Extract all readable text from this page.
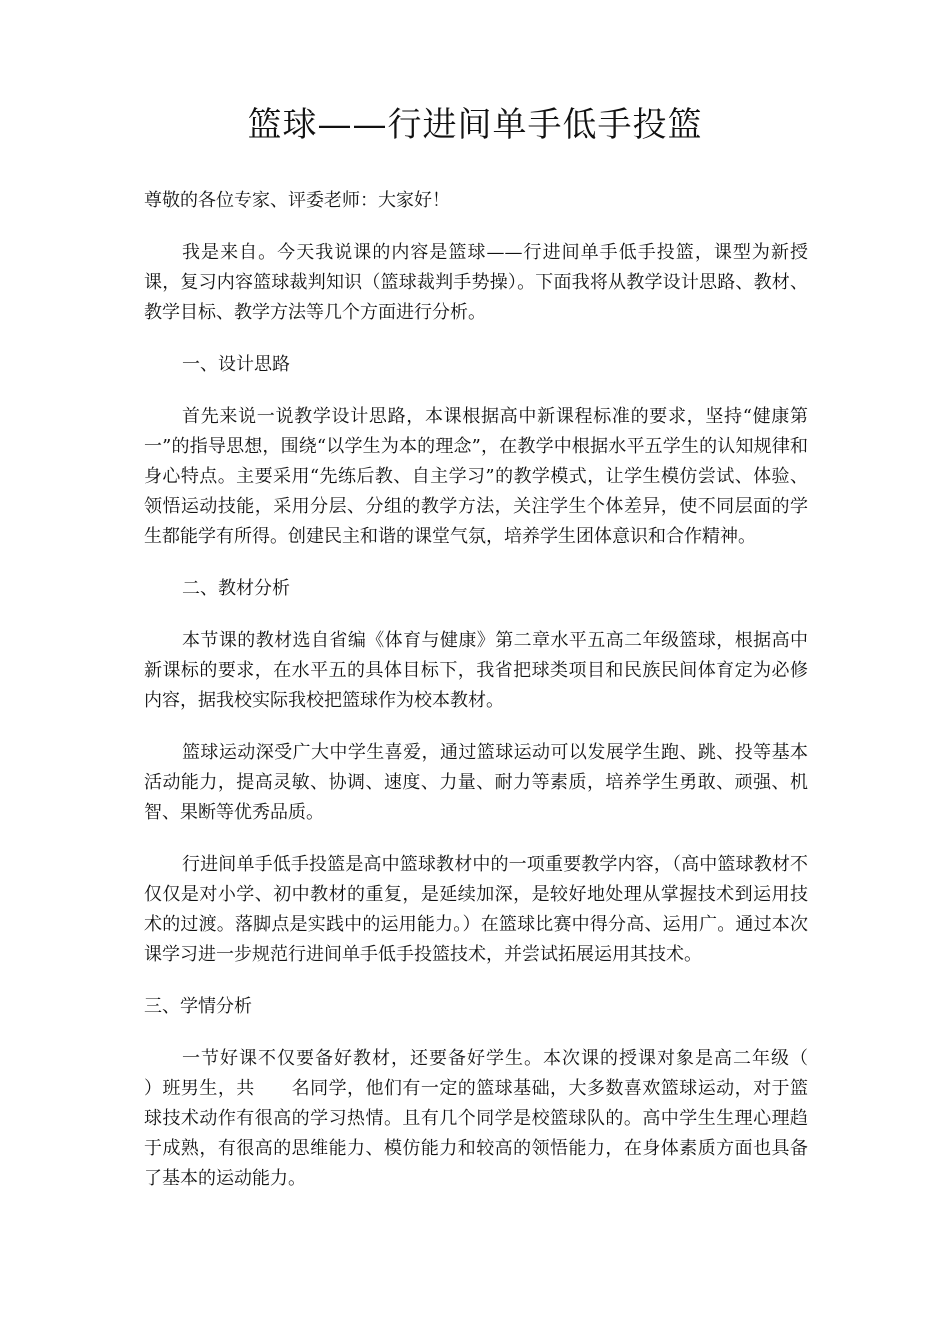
篮球——行进间单手低手投篮

尊敬的各位专家、评委老师：大家好！

我是来自。今天我说课的内容是篮球——行进间单手低手投篮，课型为新授课，复习内容篮球裁判知识（篮球裁判手势操）。下面我将从教学设计思路、教材、教学目标、教学方法等几个方面进行分析。

一、设计思路

首先来说一说教学设计思路，本课根据高中新课程标准的要求，坚持“健康第一”的指导思想，围绕“以学生为本的理念”，在教学中根据水平五学生的认知规律和身心特点。主要采用“先练后教、自主学习”的教学模式，让学生模仿尝试、体验、领悟运动技能，采用分层、分组的教学方法，关注学生个体差异，使不同层面的学生都能学有所得。创建民主和谐的课堂气氛，培养学生团体意识和合作精神。

二、教材分析

本节课的教材选自省编《体育与健康》第二章水平五高二年级篮球，根据高中新课标的要求，在水平五的具体目标下，我省把球类项目和民族民间体育定为必修内容，据我校实际我校把篮球作为校本教材。

篮球运动深受广大中学生喜爱，通过篮球运动可以发展学生跑、跳、投等基本活动能力，提高灵敏、协调、速度、力量、耐力等素质，培养学生勇敢、顽强、机智、果断等优秀品质。

行进间单手低手投篮是高中篮球教材中的一项重要教学内容，（高中篮球教材不仅仅是对小学、初中教材的重复，是延续加深，是较好地处理从掌握技术到运用技术的过渡。落脚点是实践中的运用能力。）在篮球比赛中得分高、运用广。通过本次课学习进一步规范行进间单手低手投篮技术，并尝试拓展运用其技术。

三、学情分析

一节好课不仅要备好教材，还要备好学生。本次课的授课对象是高二年级（　　）班男生，共　　名同学，他们有一定的篮球基础，大多数喜欢篮球运动，对于篮球技术动作有很高的学习热情。且有几个同学是校篮球队的。高中学生生理心理趋于成熟，有很高的思维能力、模仿能力和较高的领悟能力，在身体素质方面也具备了基本的运动能力。
